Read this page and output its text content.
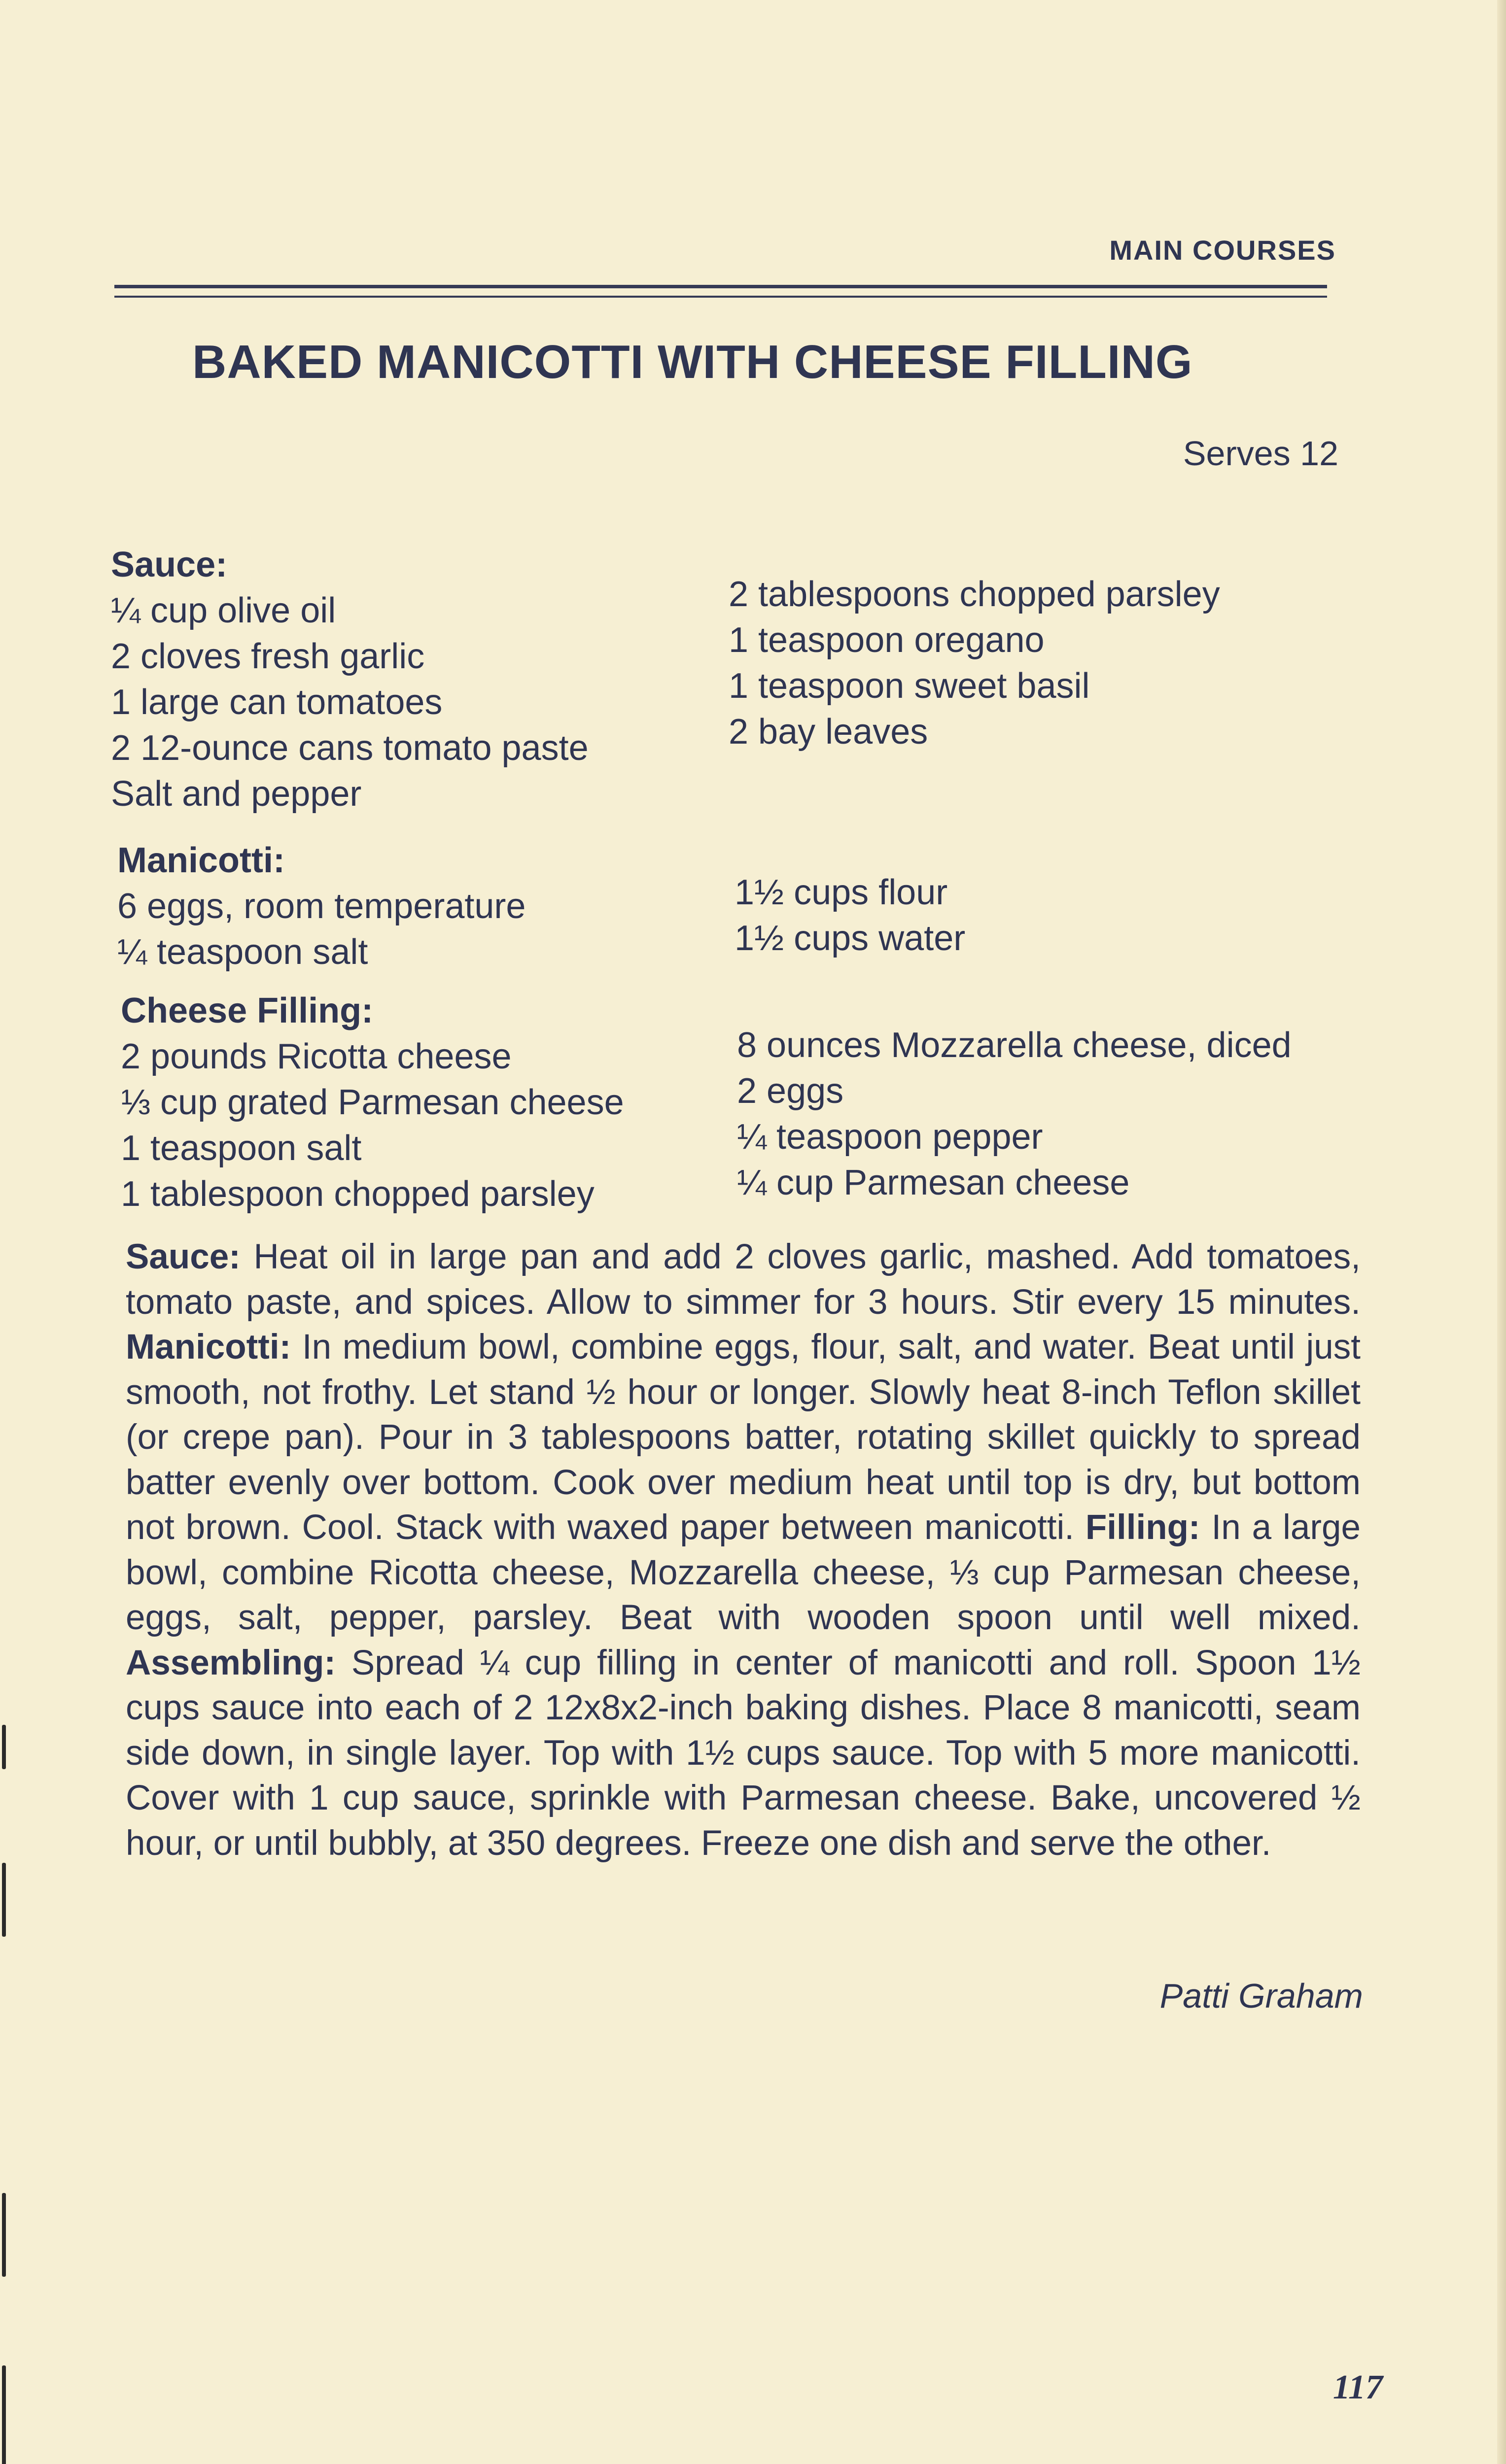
MAIN COURSES
BAKED MANICOTTI WITH CHEESE FILLING
Serves 12
Sauce:
¼ cup olive oil
2 cloves fresh garlic
1 large can tomatoes
2 12-ounce cans tomato paste
Salt and pepper
2 tablespoons chopped parsley
1 teaspoon oregano
1 teaspoon sweet basil
2 bay leaves
Manicotti:
6 eggs, room temperature
¼ teaspoon salt
1½ cups flour
1½ cups water
Cheese Filling:
2 pounds Ricotta cheese
⅓ cup grated Parmesan cheese
1 teaspoon salt
1 tablespoon chopped parsley
8 ounces Mozzarella cheese, diced
2 eggs
¼ teaspoon pepper
¼ cup Parmesan cheese
Sauce: Heat oil in large pan and add 2 cloves garlic, mashed. Add tomatoes, tomato paste, and spices. Allow to simmer for 3 hours. Stir every 15 minutes. Manicotti: In medium bowl, combine eggs, flour, salt, and water. Beat until just smooth, not frothy. Let stand ½ hour or longer. Slowly heat 8-inch Teflon skillet (or crepe pan). Pour in 3 tablespoons batter, rotating skillet quickly to spread batter evenly over bottom. Cook over medium heat until top is dry, but bottom not brown. Cool. Stack with waxed paper between manicotti. Filling: In a large bowl, combine Ricotta cheese, Mozzarella cheese, ⅓ cup Parmesan cheese, eggs, salt, pepper, parsley. Beat with wooden spoon until well mixed. Assembling: Spread ¼ cup filling in center of manicotti and roll. Spoon 1½ cups sauce into each of 2 12x8x2-inch baking dishes. Place 8 manicotti, seam side down, in single layer. Top with 1½ cups sauce. Top with 5 more manicotti. Cover with 1 cup sauce, sprinkle with Parmesan cheese. Bake, uncovered ½ hour, or until bubbly, at 350 degrees. Freeze one dish and serve the other.
Patti Graham
117
